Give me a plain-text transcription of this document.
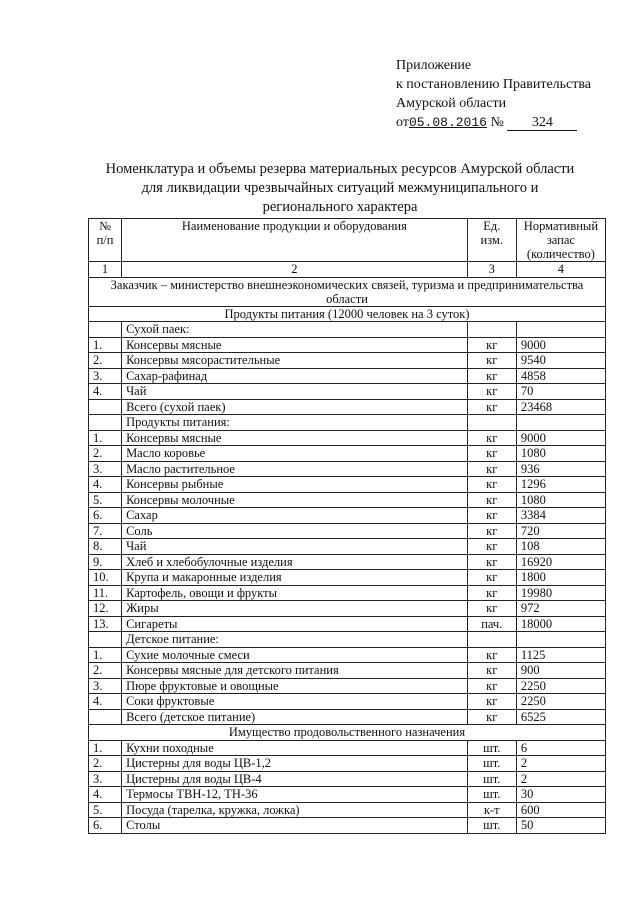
Приложение
к постановлению Правительства
Амурской области
от05.08.2016 № 324
Номенклатура и объемы резерва материальных ресурсов Амурской области
для ликвидации чрезвычайных ситуаций межмуниципального и
регионального характера
№ п/п	Наименование продукции и оборудования	Ед. изм.	Нормативный запас (количество)
1	2	3	4
Заказчик – министерство внешнеэкономических связей, туризма и предпринимательства области			
Продукты питания (12000 человек на 3 суток)			
	Сухой паек:		
1.	Консервы мясные	кг	9000
2.	Консервы мясорастительные	кг	9540
3.	Сахар-рафинад	кг	4858
4.	Чай	кг	70
	Всего (сухой паек)	кг	23468
	Продукты питания:		
1.	Консервы мясные	кг	9000
2.	Масло коровье	кг	1080
3.	Масло растительное	кг	936
4.	Консервы рыбные	кг	1296
5.	Консервы молочные	кг	1080
6.	Сахар	кг	3384
7.	Соль	кг	720
8.	Чай	кг	108
9.	Хлеб и хлебобулочные изделия	кг	16920
10.	Крупа и макаронные изделия	кг	1800
11.	Картофель, овощи и фрукты	кг	19980
12.	Жиры	кг	972
13.	Сигареты	пач.	18000
	Детское питание:		
1.	Сухие молочные смеси	кг	1125
2.	Консервы мясные для детского питания	кг	900
3.	Пюре фруктовые и овощные	кг	2250
4.	Соки фруктовые	кг	2250
	Всего (детское питание)	кг	6525
Имущество продовольственного назначения			
1.	Кухни походные	шт.	6
2.	Цистерны для воды ЦВ-1,2	шт.	2
3.	Цистерны для воды ЦВ-4	шт.	2
4.	Термосы ТВН-12, ТН-36	шт.	30
5.	Посуда (тарелка, кружка, ложка)	к-т	600
6.	Столы	шт.	50
